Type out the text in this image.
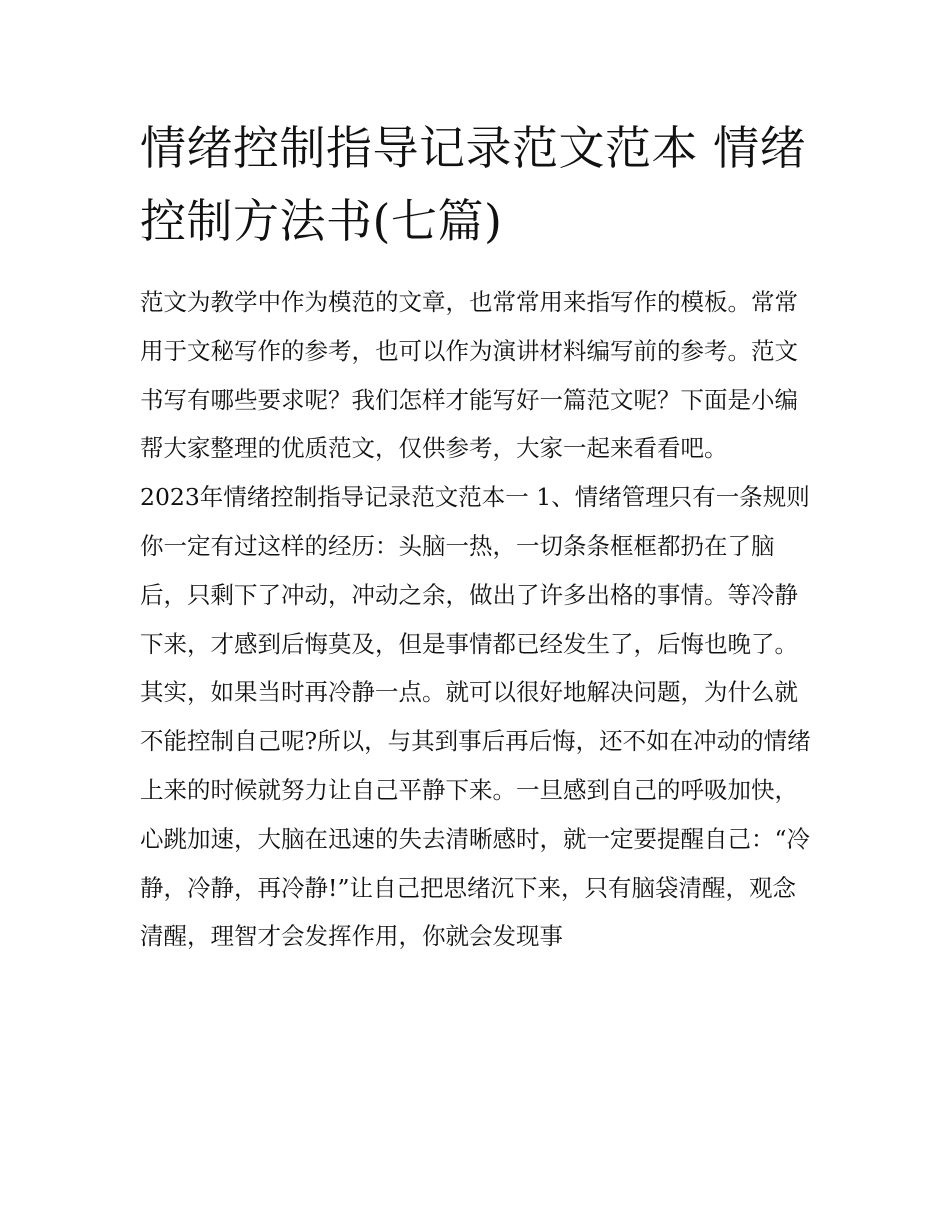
情绪控制指导记录范文范本 情绪控制方法书(七篇)

范文为教学中作为模范的文章，也常常用来指写作的模板。常常用于文秘写作的参考，也可以作为演讲材料编写前的参考。范文书写有哪些要求呢？我们怎样才能写好一篇范文呢？下面是小编帮大家整理的优质范文，仅供参考，大家一起来看看吧。

2023年情绪控制指导记录范文范本一 1、情绪管理只有一条规则

你一定有过这样的经历：头脑一热，一切条条框框都扔在了脑后，只剩下了冲动，冲动之余，做出了许多出格的事情。等冷静下来，才感到后悔莫及，但是事情都已经发生了，后悔也晚了。其实，如果当时再冷静一点。就可以很好地解决问题，为什么就不能控制自己呢?所以，与其到事后再后悔，还不如在冲动的情绪上来的时候就努力让自己平静下来。一旦感到自己的呼吸加快，心跳加速，大脑在迅速的失去清晰感时，就一定要提醒自己：“冷静，冷静，再冷静!”让自己把思绪沉下来，只有脑袋清醒，观念清醒，理智才会发挥作用，你就会发现事
